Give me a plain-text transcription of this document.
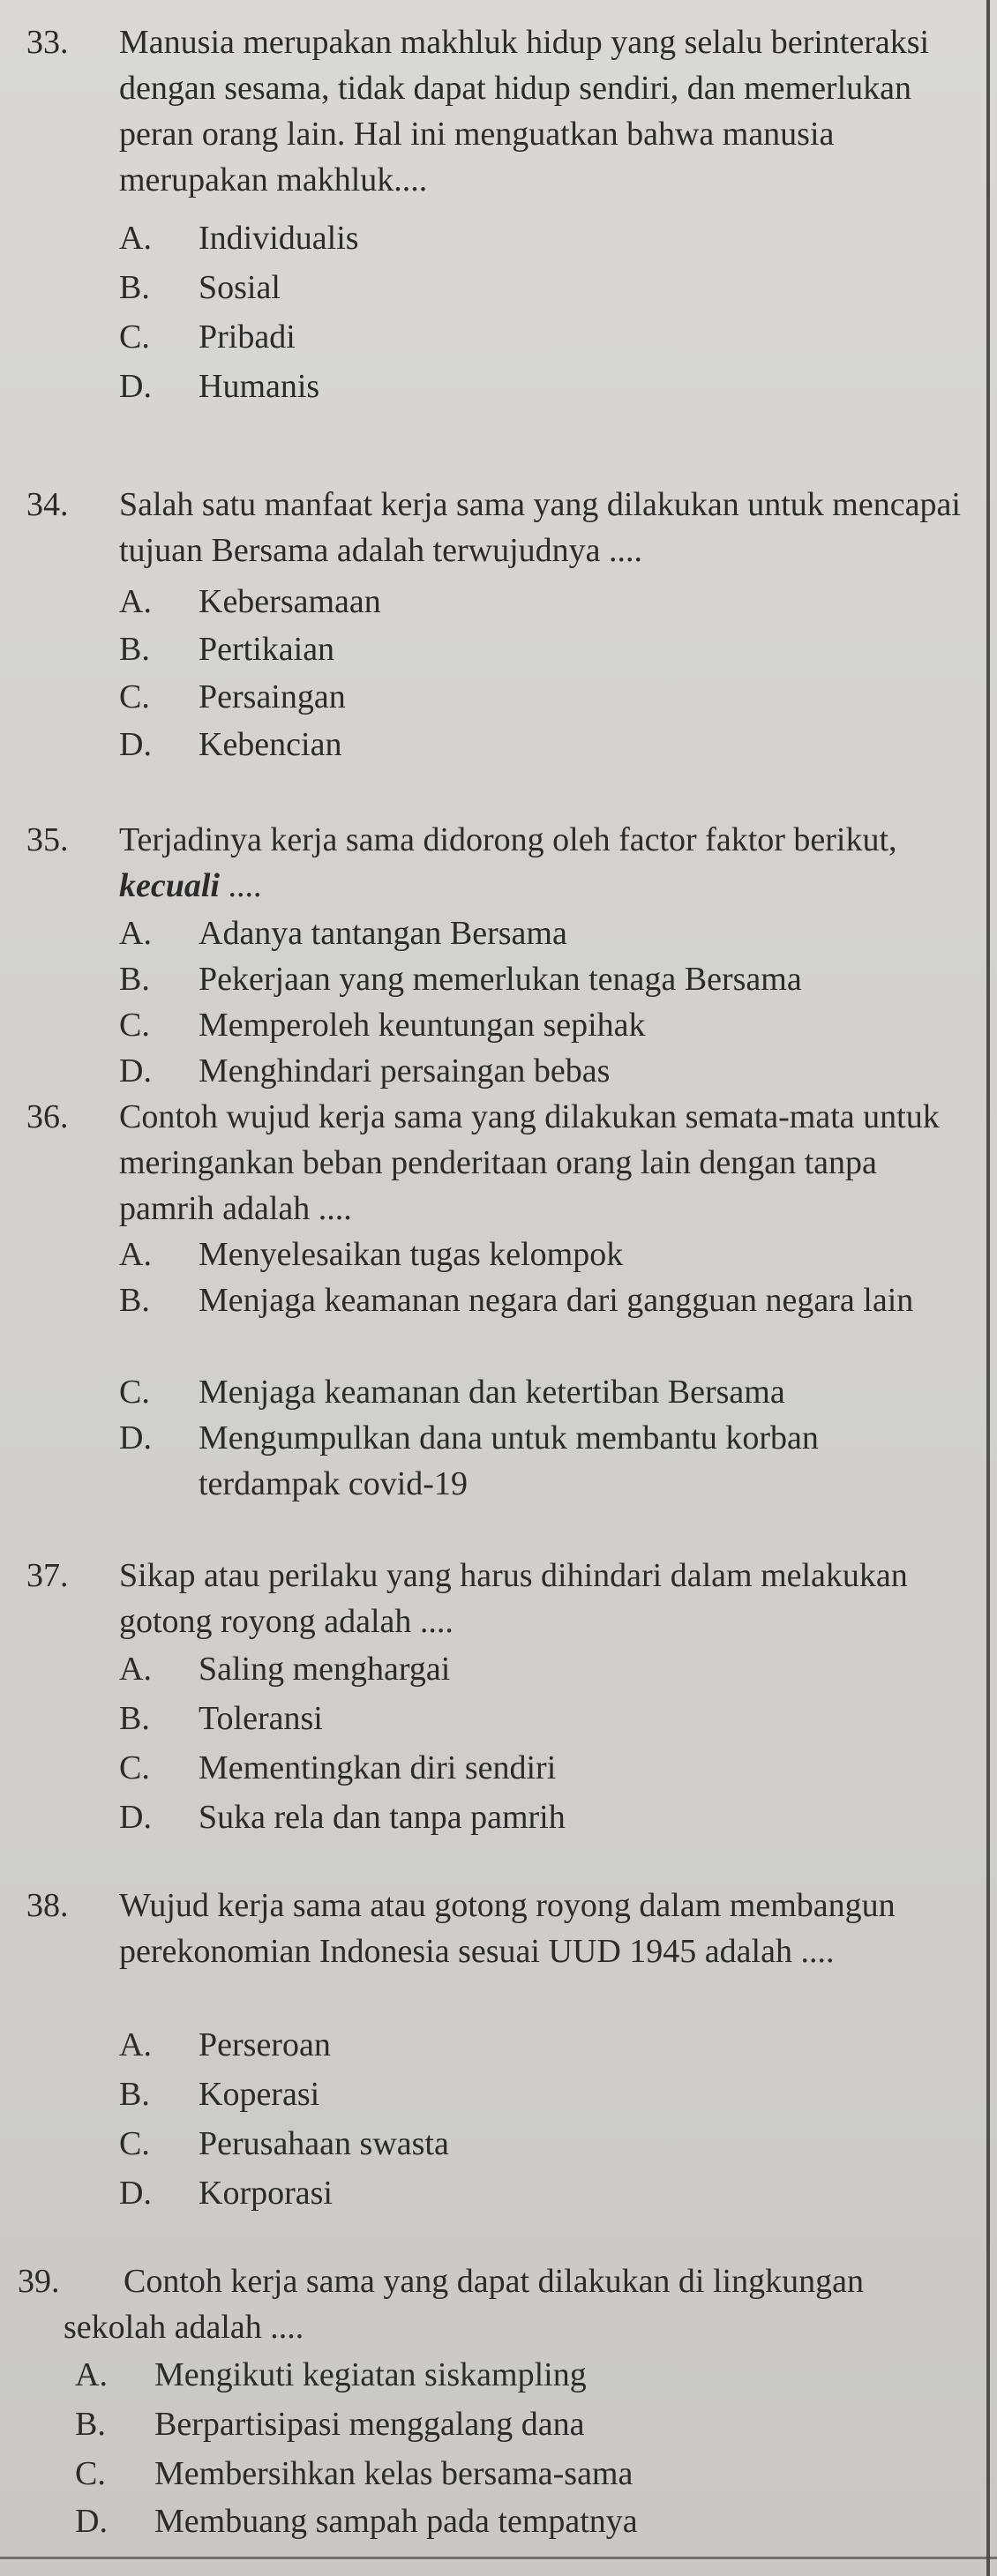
33. Manusia merupakan makhluk hidup yang selalu berinteraksi dengan sesama, tidak dapat hidup sendiri, dan memerlukan peran orang lain. Hal ini menguatkan bahwa manusia merupakan makhluk....
A. Individualis
B. Sosial
C. Pribadi
D. Humanis
34. Salah satu manfaat kerja sama yang dilakukan untuk mencapai tujuan Bersama adalah terwujudnya ....
A. Kebersamaan
B. Pertikaian
C. Persaingan
D. Kebencian
35. Terjadinya kerja sama didorong oleh factor faktor berikut, kecuali ....
A. Adanya tantangan Bersama
B. Pekerjaan yang memerlukan tenaga Bersama
C. Memperoleh keuntungan sepihak
D. Menghindari persaingan bebas
36. Contoh wujud kerja sama yang dilakukan semata-mata untuk meringankan beban penderitaan orang lain dengan tanpa pamrih adalah ....
A. Menyelesaikan tugas kelompok
B. Menjaga keamanan negara dari gangguan negara lain
C. Menjaga keamanan dan ketertiban Bersama
D. Mengumpulkan dana untuk membantu korban terdampak covid-19
37. Sikap atau perilaku yang harus dihindari dalam melakukan gotong royong adalah ....
A. Saling menghargai
B. Toleransi
C. Mementingkan diri sendiri
D. Suka rela dan tanpa pamrih
38. Wujud kerja sama atau gotong royong dalam membangun perekonomian Indonesia sesuai UUD 1945 adalah ....
A. Perseroan
B. Koperasi
C. Perusahaan swasta
D. Korporasi
39.	Contoh kerja sama yang dapat dilakukan di lingkungan sekolah adalah ....
A. Mengikuti kegiatan siskampling
B. Berpartisipasi menggalang dana
C. Membersihkan kelas bersama-sama
D. Membuang sampah pada tempatnya
